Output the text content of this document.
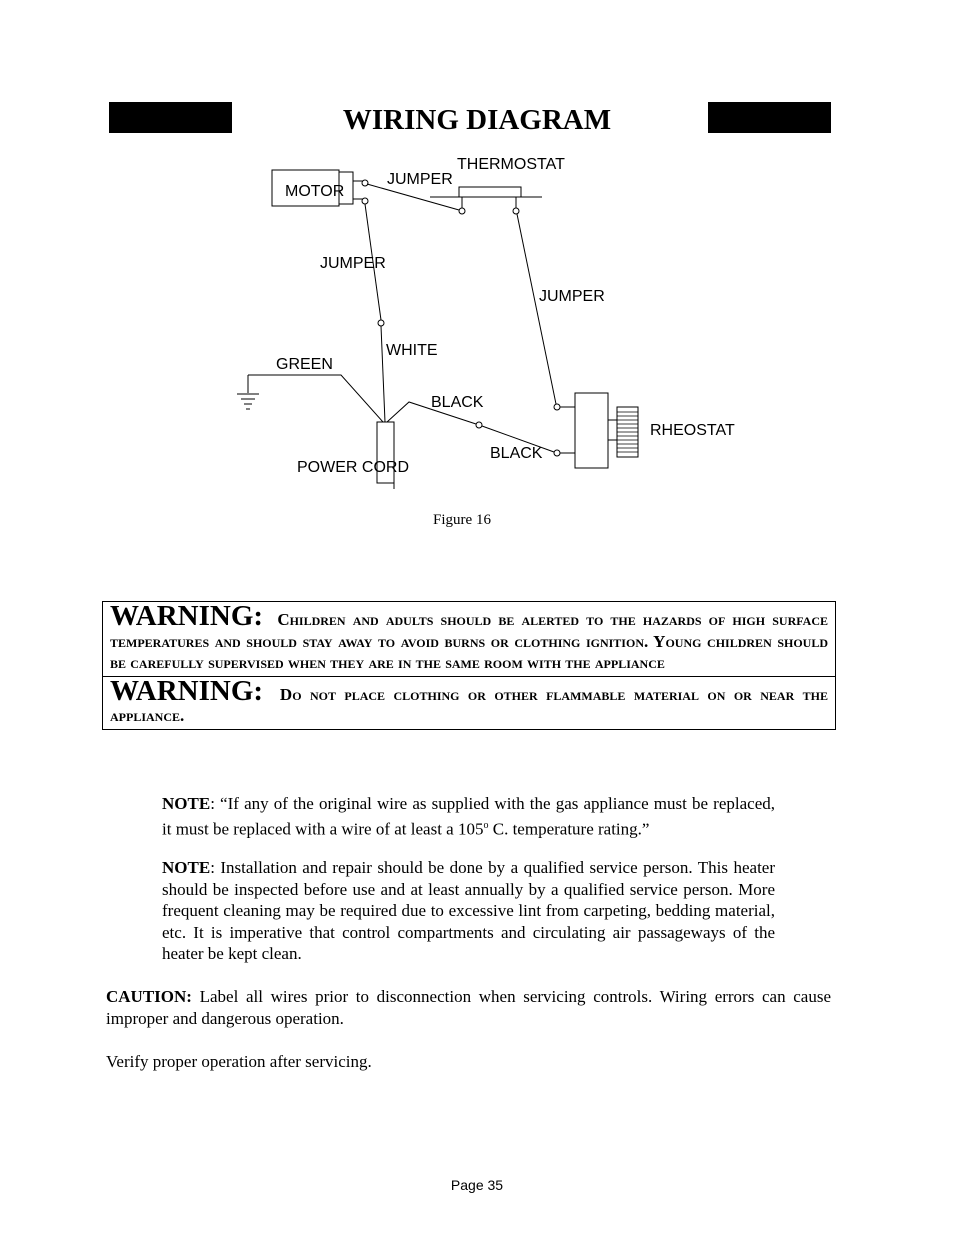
WIRING DIAGRAM
MOTOR
THERMOSTAT
JUMPER
JUMPER
JUMPER
WHITE
GREEN
BLACK
BLACK
RHEOSTAT
POWER CORD
Figure 16
WARNING: Children and adults should be alerted to the hazards of high surface temperatures and should stay away to avoid burns or clothing ignition. Young children should be carefully supervised when they are in the same room with the appliance
WARNING: Do not place clothing or other flammable material on or near the appliance.
NOTE: “If any of the original wire as supplied with the gas appliance must be replaced, it must be replaced with a wire of at least a 105$^o$ C. temperature rating.”
NOTE: Installation and repair should be done by a qualified service person. This heater should be inspected before use and at least annually by a qualified service person. More frequent cleaning may be required due to excessive lint from carpeting, bedding material, etc. It is imperative that control compartments and circulating air passageways of the heater be kept clean.
CAUTION: Label all wires prior to disconnection when servicing controls. Wiring errors can cause improper and dangerous operation.
Verify proper operation after servicing.
Page 35
